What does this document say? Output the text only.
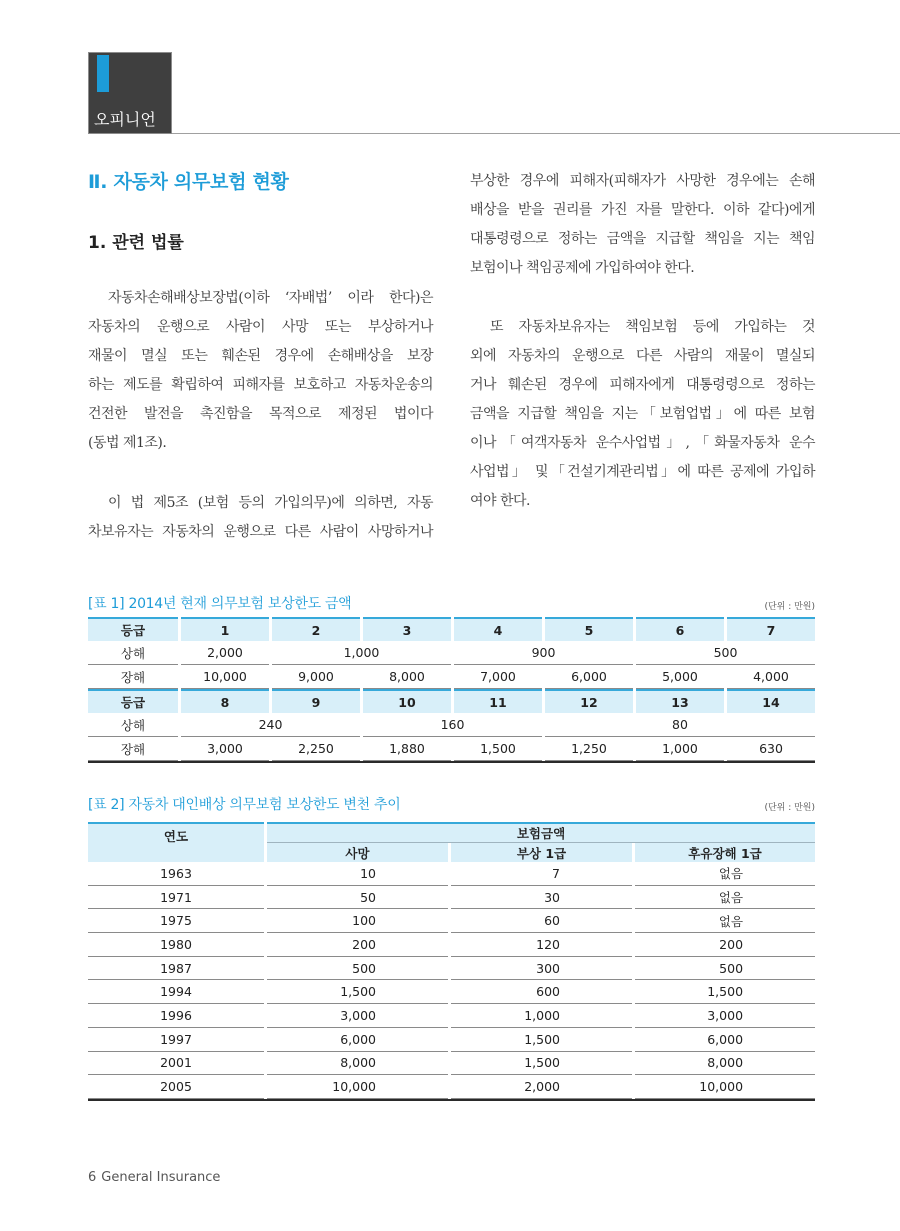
오피니언
Ⅱ. 자동차 의무보험 현황
1. 관련 법률
자동차손해배상보장법(이하 ‘자배법’ 이라 한다)은
자동차의 운행으로 사람이 사망 또는 부상하거나
재물이 멸실 또는 훼손된 경우에 손해배상을 보장
하는 제도를 확립하여 피해자를 보호하고 자동차운송의
건전한 발전을 촉진함을 목적으로 제정된 법이다
(동법 제1조).
이 법 제5조 (보험 등의 가입의무)에 의하면, 자동
차보유자는 자동차의 운행으로 다른 사람이 사망하거나
부상한 경우에 피해자(피해자가 사망한 경우에는 손해
배상을 받을 권리를 가진 자를 말한다. 이하 같다)에게
대통령령으로 정하는 금액을 지급할 책임을 지는 책임
보험이나 책임공제에 가입하여야 한다.
또 자동차보유자는 책임보험 등에 가입하는 것
외에 자동차의 운행으로 다른 사람의 재물이 멸실되
거나 훼손된 경우에 피해자에게 대통령령으로 정하는
금액을 지급할 책임을 지는「보험업법」에 따른 보험
이나「여객자동차 운수사업법」,「화물자동차 운수
사업법」 및「건설기계관리법」에 따른 공제에 가입하
여야 한다.
[표 1] 2014년 현재 의무보험 보상한도 금액	(단위 : 만원)
등급	1	2	3	4	5	6	7
상해	2,000	1,000		900		500	
장해	10,000	9,000	8,000	7,000	6,000	5,000	4,000
등급	8	9	10	11	12	13	14
상해	240		160		80		
장해	3,000	2,250	1,880	1,500	1,250	1,000	630
[표 2] 자동차 대인배상 의무보험 보상한도 변천 추이	(단위 : 만원)
연도	보험금액		
	사망	부상 1급	후유장해 1급
1963	10	7	없음
1971	50	30	없음
1975	100	60	없음
1980	200	120	200
1987	500	300	500
1994	1,500	600	1,500
1996	3,000	1,000	3,000
1997	6,000	1,500	6,000
2001	8,000	1,500	8,000
2005	10,000	2,000	10,000
6 General Insurance
